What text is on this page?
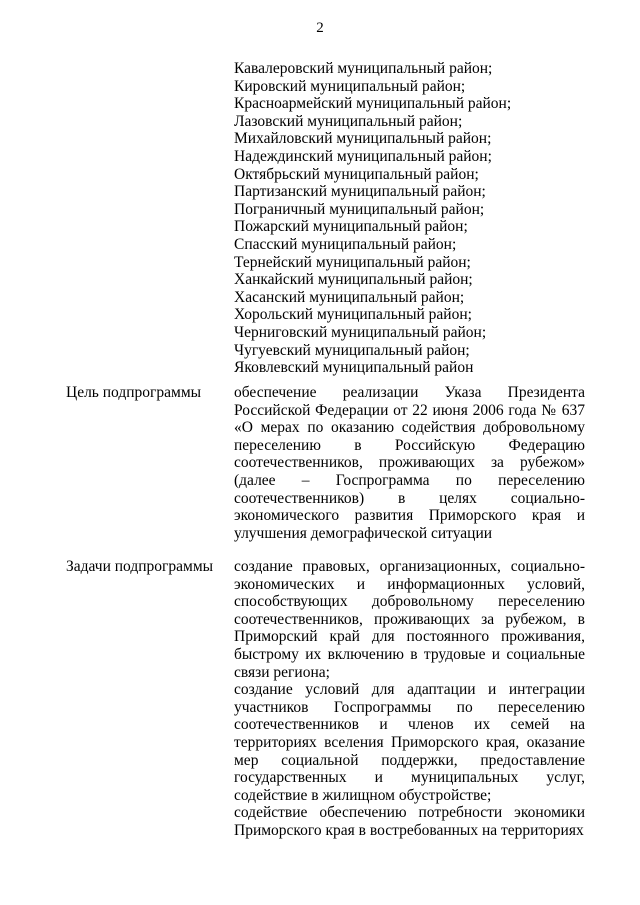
2
Кавалеровский муниципальный район;
Кировский муниципальный район;
Красноармейский муниципальный район;
Лазовский муниципальный район;
Михайловский муниципальный район;
Надеждинский муниципальный район;
Октябрьский муниципальный район;
Партизанский муниципальный район;
Пограничный муниципальный район;
Пожарский муниципальный район;
Спасский муниципальный район;
Тернейский муниципальный район;
Ханкайский муниципальный район;
Хасанский муниципальный район;
Хорольский муниципальный район;
Черниговский муниципальный район;
Чугуевский муниципальный район;
Яковлевский муниципальный район
Цель подпрограммы	обеспечение реализации Указа Президента Российской Федерации от 22 июня 2006 года № 637 «О мерах по оказанию содействия добровольному переселению в Российскую Федерацию соотечественников, проживающих за рубежом» (далее – Госпрограмма по переселению соотечественников) в целях социально-экономического развития Приморского края и улучшения демографической ситуации

Задачи подпрограммы	создание правовых, организационных, социально-экономических и информационных условий, способствующих добровольному переселению соотечественников, проживающих за рубежом, в Приморский край для постоянного проживания, быстрому их включению в трудовые и социальные связи региона;

создание условий для адаптации и интеграции участников Госпрограммы по переселению соотечественников и членов их семей на территориях вселения Приморского края, оказание мер социальной поддержки, предоставление государственных и муниципальных услуг, содействие в жилищном обустройстве;

содействие обеспечению потребности экономики Приморского края в востребованных на территориях
